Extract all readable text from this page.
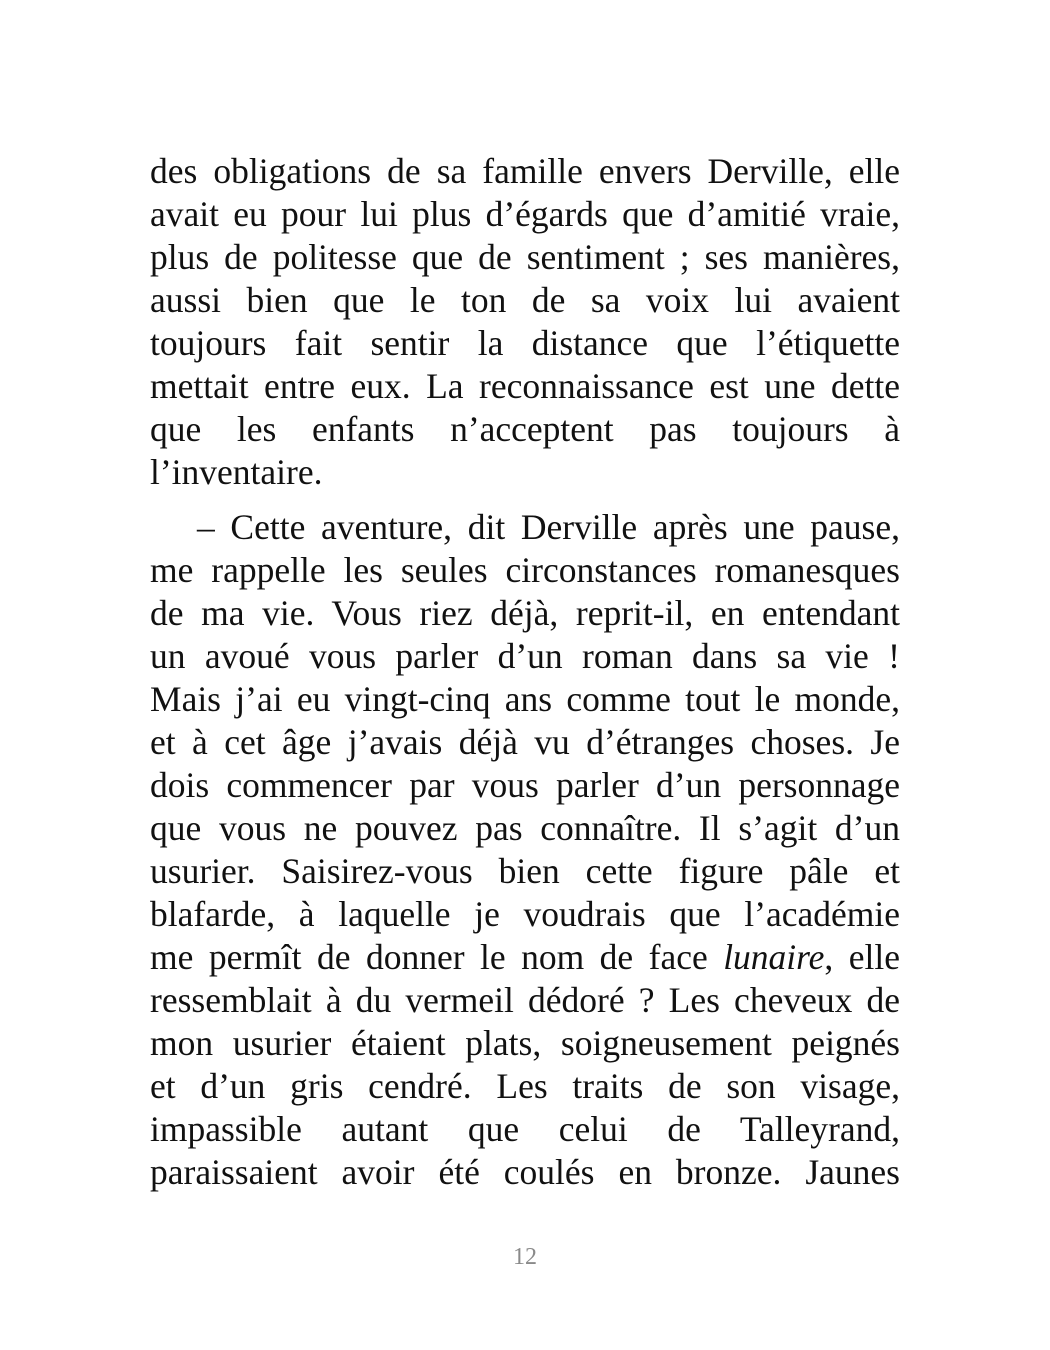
des obligations de sa famille envers Derville, elle
avait eu pour lui plus d’égards que d’amitié vraie,
plus de politesse que de sentiment ; ses manières,
aussi bien que le ton de sa voix lui avaient
toujours fait sentir la distance que l’étiquette
mettait entre eux. La reconnaissance est une dette
que les enfants n’acceptent pas toujours à
l’inventaire.
– Cette aventure, dit Derville après une pause,
me rappelle les seules circonstances romanesques
de ma vie. Vous riez déjà, reprit-il, en entendant
un avoué vous parler d’un roman dans sa vie !
Mais j’ai eu vingt-cinq ans comme tout le monde,
et à cet âge j’avais déjà vu d’étranges choses. Je
dois commencer par vous parler d’un personnage
que vous ne pouvez pas connaître. Il s’agit d’un
usurier. Saisirez-vous bien cette figure pâle et
blafarde, à laquelle je voudrais que l’académie
me permît de donner le nom de face lunaire, elle
ressemblait à du vermeil dédoré ? Les cheveux de
mon usurier étaient plats, soigneusement peignés
et d’un gris cendré. Les traits de son visage,
impassible autant que celui de Talleyrand,
paraissaient avoir été coulés en bronze. Jaunes
12
